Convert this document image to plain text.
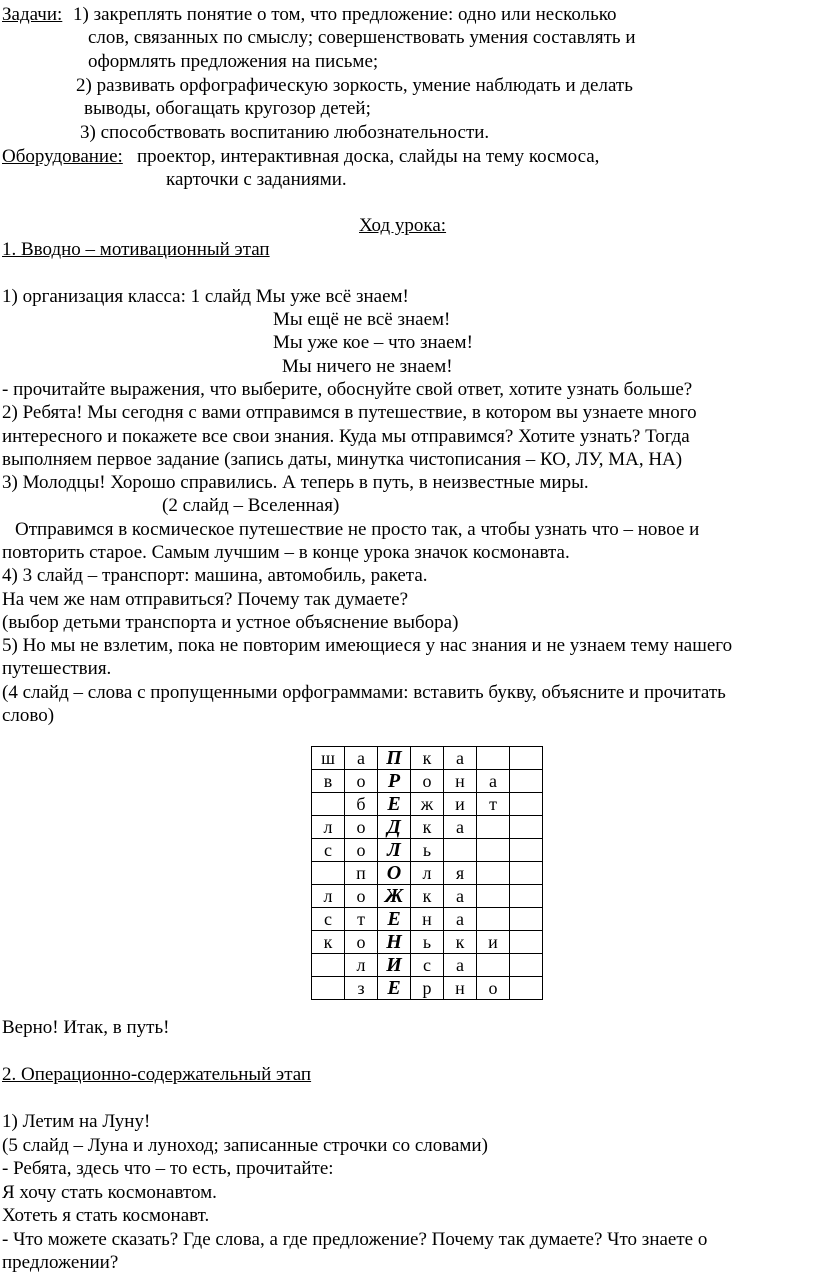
Задачи: 1) закреплять понятие о том, что предложение: одно или несколько
слов, связанных по смыслу; совершенствовать умения составлять и
оформлять предложения на письме;
2) развивать орфографическую зоркость, умение наблюдать и делать
выводы, обогащать кругозор детей;
3) способствовать воспитанию любознательности.
Оборудование: проектор, интерактивная доска, слайды на тему космоса,
карточки с заданиями.
Ход урока:
1. Вводно – мотивационный этап
1) организация класса: 1 слайд Мы уже всё знаем!
Мы ещё не всё знаем!
Мы уже кое – что знаем!
Мы ничего не знаем!
- прочитайте выражения, что выберите, обоснуйте свой ответ, хотите узнать больше?
2) Ребята! Мы сегодня с вами отправимся в путешествие, в котором вы узнаете много
интересного и покажете все свои знания. Куда мы отправимся? Хотите узнать? Тогда
выполняем первое задание (запись даты, минутка чистописания – КО, ЛУ, МА, НА)
3) Молодцы! Хорошо справились. А теперь в путь, в неизвестные миры.
(2 слайд – Вселенная)
Отправимся в космическое путешествие не просто так, а чтобы узнать что – новое и
повторить старое. Самым лучшим – в конце урока значок космонавта.
4) 3 слайд – транспорт: машина, автомобиль, ракета.
На чем же нам отправиться? Почему так думаете?
(выбор детьми транспорта и устное объяснение выбора)
5) Но мы не взлетим, пока не повторим имеющиеся у нас знания и не узнаем тему нашего
путешествия.
(4 слайд – слова с пропущенными орфограммами: вставить букву, объясните и прочитать
слово)
ш	а	П	к	а		
в	о	Р	о	н	а	
	б	Е	ж	и	т	
л	о	Д	к	а		
с	о	Л	ь			
	п	О	л	я		
л	о	Ж	к	а		
с	т	Е	н	а		
к	о	Н	ь	к	и	
	л	И	с	а		
	з	Е	р	н	о	
Верно! Итак, в путь!
2. Операционно-содержательный этап
1) Летим на Луну!
(5 слайд – Луна и луноход; записанные строчки со словами)
- Ребята, здесь что – то есть, прочитайте:
Я хочу стать космонавтом.
Хотеть я стать космонавт.
- Что можете сказать? Где слова, а где предложение? Почему так думаете? Что знаете о
предложении?
